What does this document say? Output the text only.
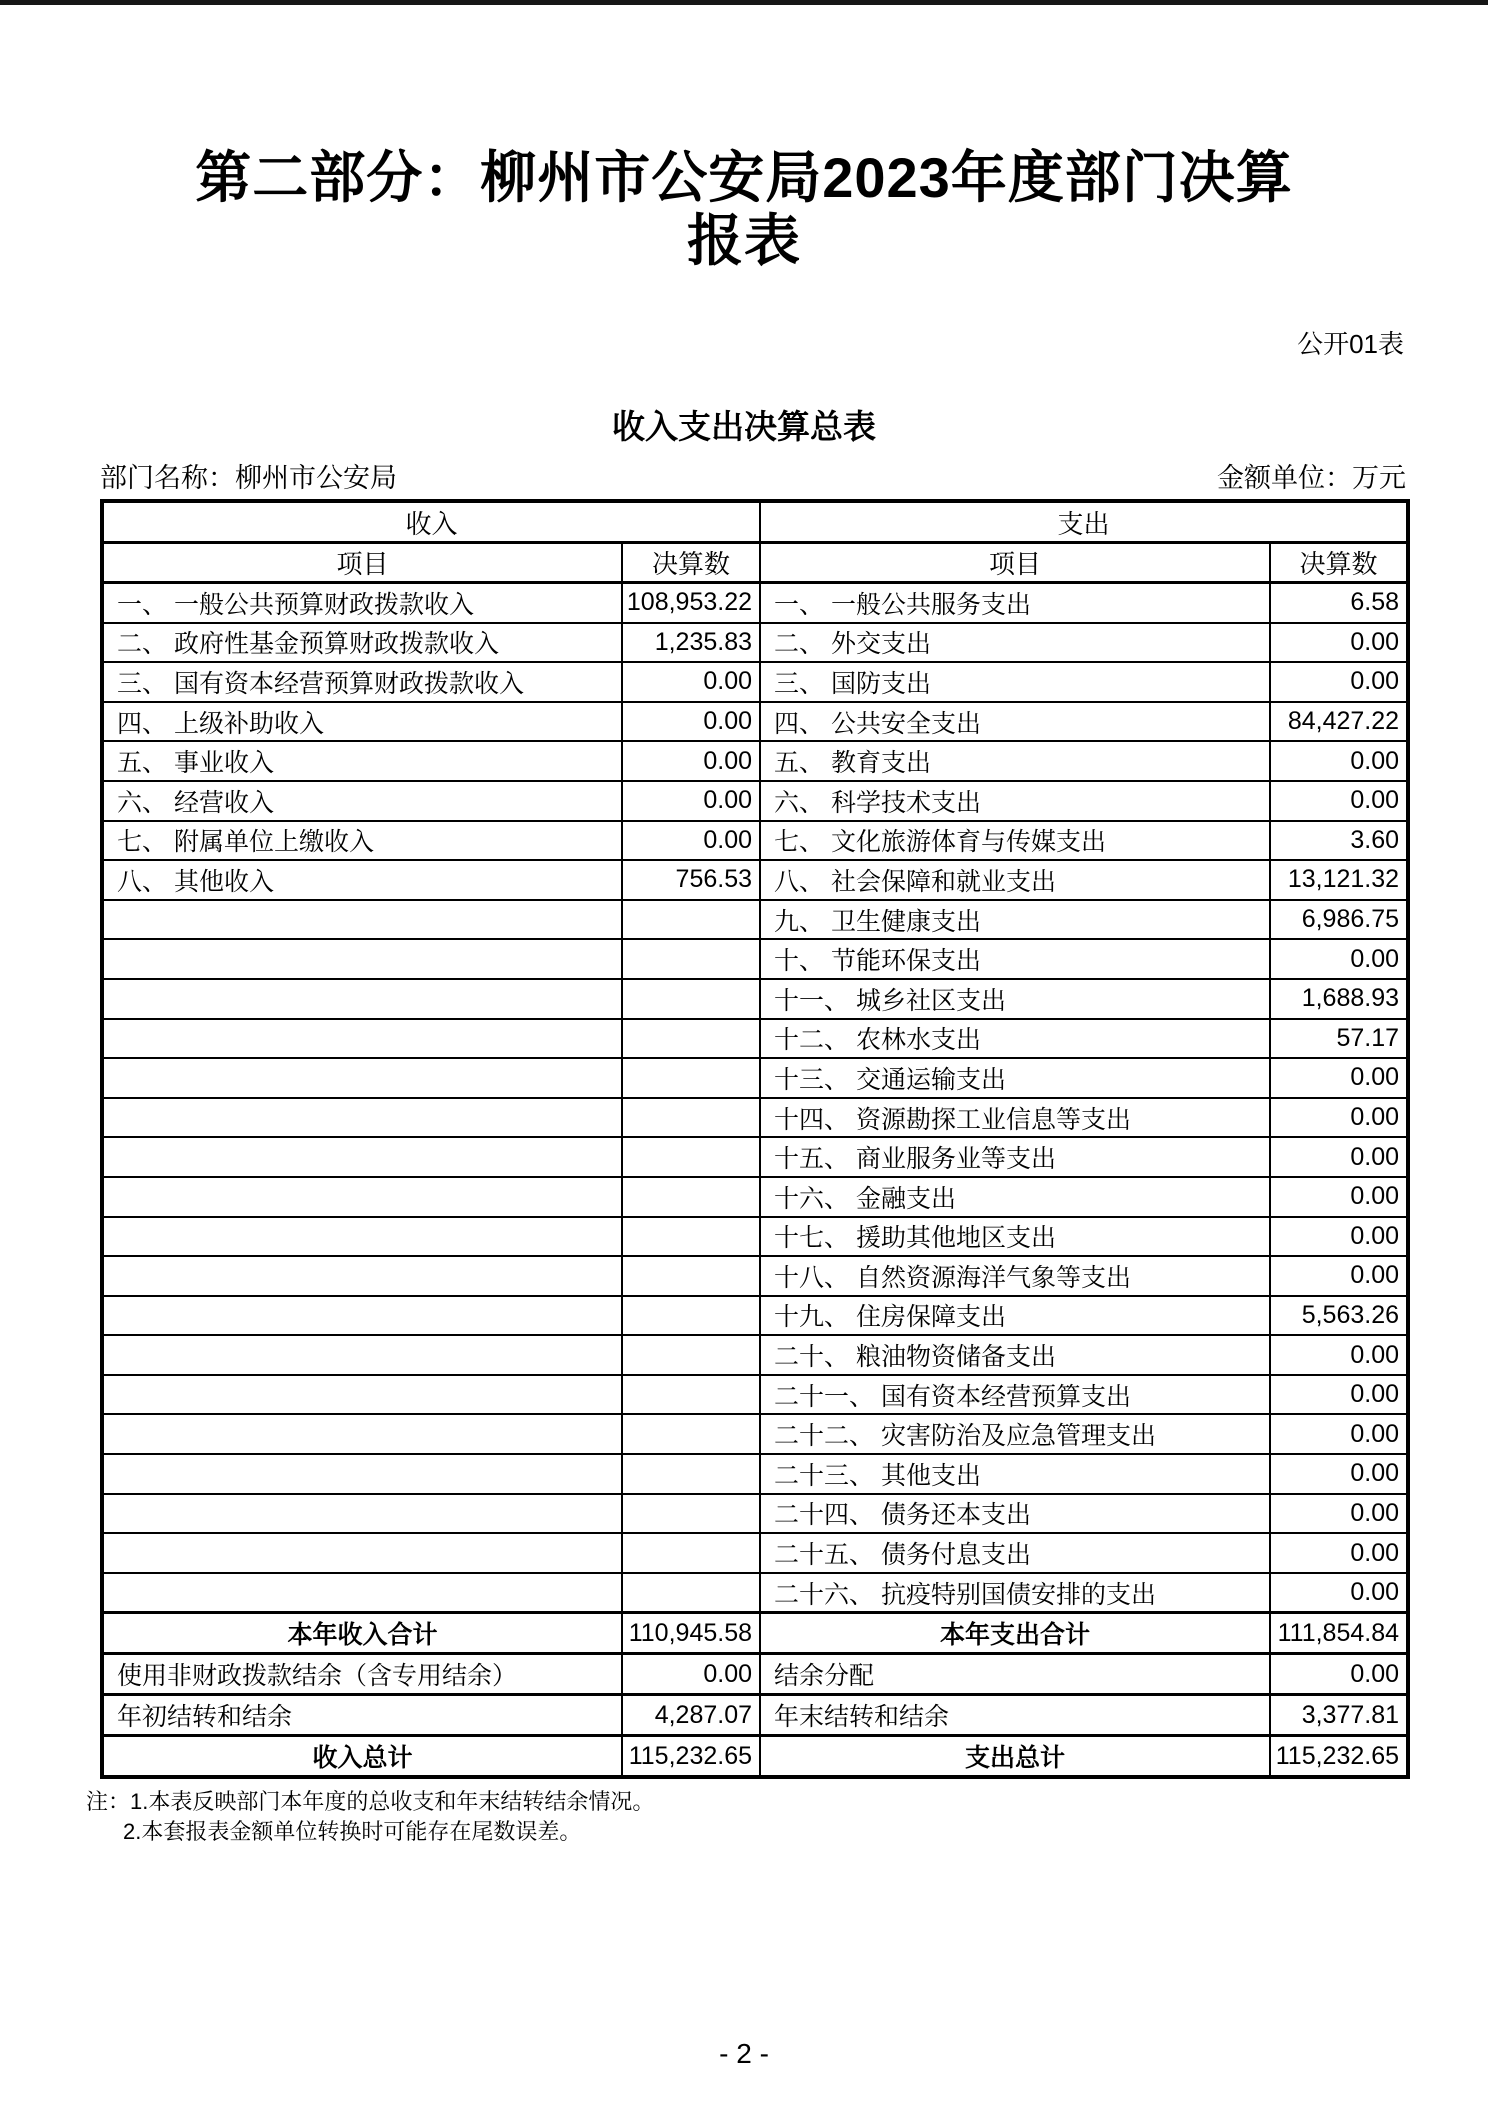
第二部分：柳州市公安局2023年度部门决算
报表
公开01表
收入支出决算总表
部门名称：柳州市公安局	金额单位：万元
收入		支出	
项目	决算数	项目	决算数
一、 一般公共预算财政拨款收入	108,953.22	一、 一般公共服务支出	6.58
二、 政府性基金预算财政拨款收入	1,235.83	二、 外交支出	0.00
三、 国有资本经营预算财政拨款收入	0.00	三、 国防支出	0.00
四、 上级补助收入	0.00	四、 公共安全支出	84,427.22
五、 事业收入	0.00	五、 教育支出	0.00
六、 经营收入	0.00	六、 科学技术支出	0.00
七、 附属单位上缴收入	0.00	七、 文化旅游体育与传媒支出	3.60
八、 其他收入	756.53	八、 社会保障和就业支出	13,121.32
		九、 卫生健康支出	6,986.75
		十、 节能环保支出	0.00
		十一、 城乡社区支出	1,688.93
		十二、 农林水支出	57.17
		十三、 交通运输支出	0.00
		十四、 资源勘探工业信息等支出	0.00
		十五、 商业服务业等支出	0.00
		十六、 金融支出	0.00
		十七、 援助其他地区支出	0.00
		十八、 自然资源海洋气象等支出	0.00
		十九、 住房保障支出	5,563.26
		二十、 粮油物资储备支出	0.00
		二十一、 国有资本经营预算支出	0.00
		二十二、 灾害防治及应急管理支出	0.00
		二十三、 其他支出	0.00
		二十四、 债务还本支出	0.00
		二十五、 债务付息支出	0.00
		二十六、 抗疫特别国债安排的支出	0.00
本年收入合计	110,945.58	本年支出合计	111,854.84
使用非财政拨款结余（含专用结余）	0.00	结余分配	0.00
年初结转和结余	4,287.07	年末结转和结余	3,377.81
收入总计	115,232.65	支出总计	115,232.65
注：1.本表反映部门本年度的总收支和年末结转结余情况。
2.本套报表金额单位转换时可能存在尾数误差。
- 2 -
